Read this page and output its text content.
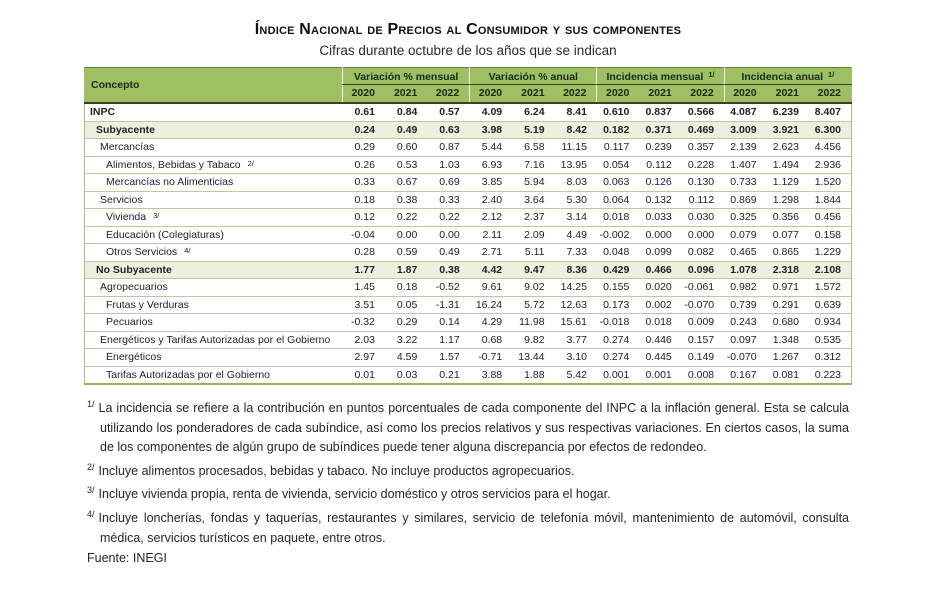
Índice Nacional de Precios al Consumidor y sus componentes
Cifras durante octubre de los años que se indican
Concepto	Variación % mensual			Variación % anual			Incidencia mensual $^{1/}$			Incidencia anual $^{1/}$
	2020	2021	2022	2020	2021	2022	2020	2021	2022	2020	2021	2022
INPC	0.61	0.84	0.57	4.09	6.24	8.41	0.610	0.837	0.566	4.087	6.239	8.407
Subyacente	0.24	0.49	0.63	3.98	5.19	8.42	0.182	0.371	0.469	3.009	3.921	6.300
Mercancías	0.29	0.60	0.87	5.44	6.58	11.15	0.117	0.239	0.357	2.139	2.623	4.456
Alimentos, Bebidas y Tabaco $^{2/}$	0.26	0.53	1.03	6.93	7.16	13.95	0.054	0.112	0.228	1.407	1.494	2.936
Mercancías no Alimenticias	0.33	0.67	0.69	3.85	5.94	8.03	0.063	0.126	0.130	0.733	1.129	1.520
Servicios	0.18	0.38	0.33	2.40	3.64	5.30	0.064	0.132	0.112	0.869	1.298	1.844
Vivienda $^{3/}$	0.12	0.22	0.22	2.12	2.37	3.14	0.018	0.033	0.030	0.325	0.356	0.456
Educación (Colegiaturas)	-0.04	0.00	0.00	2.11	2.09	4.49	-0.002	0.000	0.000	0.079	0.077	0.158
Otros Servicios $^{4/}$	0.28	0.59	0.49	2.71	5.11	7.33	0.048	0.099	0.082	0.465	0.865	1.229
No Subyacente	1.77	1.87	0.38	4.42	9.47	8.36	0.429	0.466	0.096	1.078	2.318	2.108
Agropecuarios	1.45	0.18	-0.52	9.61	9.02	14.25	0.155	0.020	-0.061	0.982	0.971	1.572
Frutas y Verduras	3.51	0.05	-1.31	16.24	5.72	12.63	0.173	0.002	-0.070	0.739	0.291	0.639
Pecuarios	-0.32	0.29	0.14	4.29	11.98	15.61	-0.018	0.018	0.009	0.243	0.680	0.934
Energéticos y Tarifas Autorizadas por el Gobierno	2.03	3.22	1.17	0.68	9.82	3.77	0.274	0.446	0.157	0.097	1.348	0.535
Energéticos	2.97	4.59	1.57	-0.71	13.44	3.10	0.274	0.445	0.149	-0.070	1.267	0.312
Tarifas Autorizadas por el Gobierno	0.01	0.03	0.21	3.88	1.88	5.42	0.001	0.001	0.008	0.167	0.081	0.223
$^{1/}$ La incidencia se refiere a la contribución en puntos porcentuales de cada componente del INPC a la inflación general. Esta se calcula utilizando los ponderadores de cada subíndice, así como los precios relativos y sus respectivas variaciones. En ciertos casos, la suma de los componentes de algún grupo de subíndices puede tener alguna discrepancia por efectos de redondeo.
$^{2/}$ Incluye alimentos procesados, bebidas y tabaco. No incluye productos agropecuarios.
$^{3/}$ Incluye vivienda propia, renta de vivienda, servicio doméstico y otros servicios para el hogar.
$^{4/}$ Incluye loncherías, fondas y taquerías, restaurantes y similares, servicio de telefonía móvil, mantenimiento de automóvil, consulta médica, servicios turísticos en paquete, entre otros.
Fuente: INEGI
